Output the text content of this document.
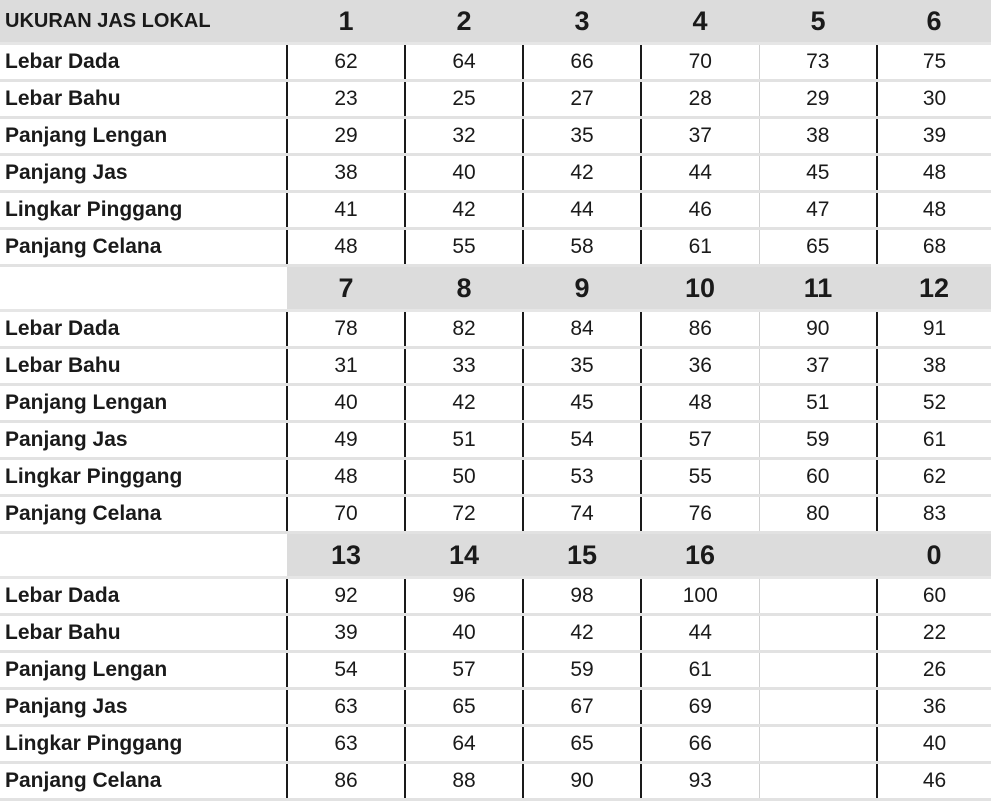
UKURAN JAS LOKAL	1	2	3	4	5	6
Lebar Dada	62	64	66	70	73	75
Lebar Bahu	23	25	27	28	29	30
Panjang Lengan	29	32	35	37	38	39
Panjang Jas	38	40	42	44	45	48
Lingkar Pinggang	41	42	44	46	47	48
Panjang Celana	48	55	58	61	65	68
	7	8	9	10	11	12
Lebar Dada	78	82	84	86	90	91
Lebar Bahu	31	33	35	36	37	38
Panjang Lengan	40	42	45	48	51	52
Panjang Jas	49	51	54	57	59	61
Lingkar Pinggang	48	50	53	55	60	62
Panjang Celana	70	72	74	76	80	83
	13	14	15	16		0
Lebar Dada	92	96	98	100		60
Lebar Bahu	39	40	42	44		22
Panjang Lengan	54	57	59	61		26
Panjang Jas	63	65	67	69		36
Lingkar Pinggang	63	64	65	66		40
Panjang Celana	86	88	90	93		46
